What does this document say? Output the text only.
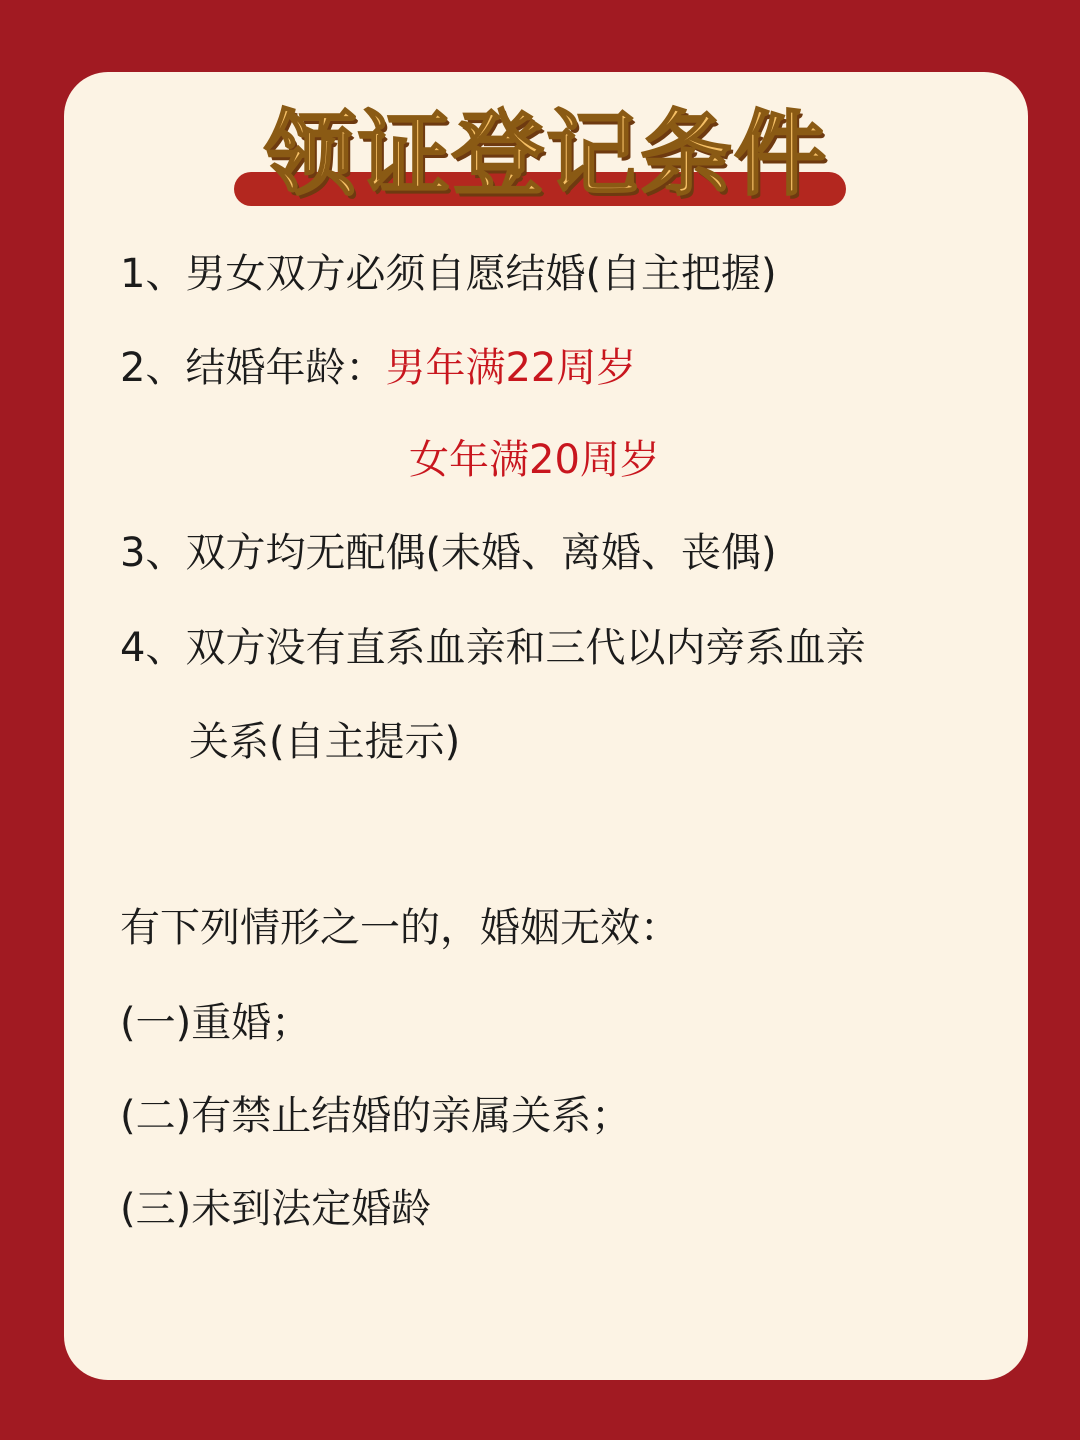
领证登记条件
1、男女双方必须自愿结婚(自主把握)
2、结婚年龄：男年满22周岁
女年满20周岁
3、双方均无配偶(未婚、离婚、丧偶)
4、双方没有直系血亲和三代以内旁系血亲
关系(自主提示)
有下列情形之一的，婚姻无效：
(一)重婚；
(二)有禁止结婚的亲属关系；
(三)未到法定婚龄
